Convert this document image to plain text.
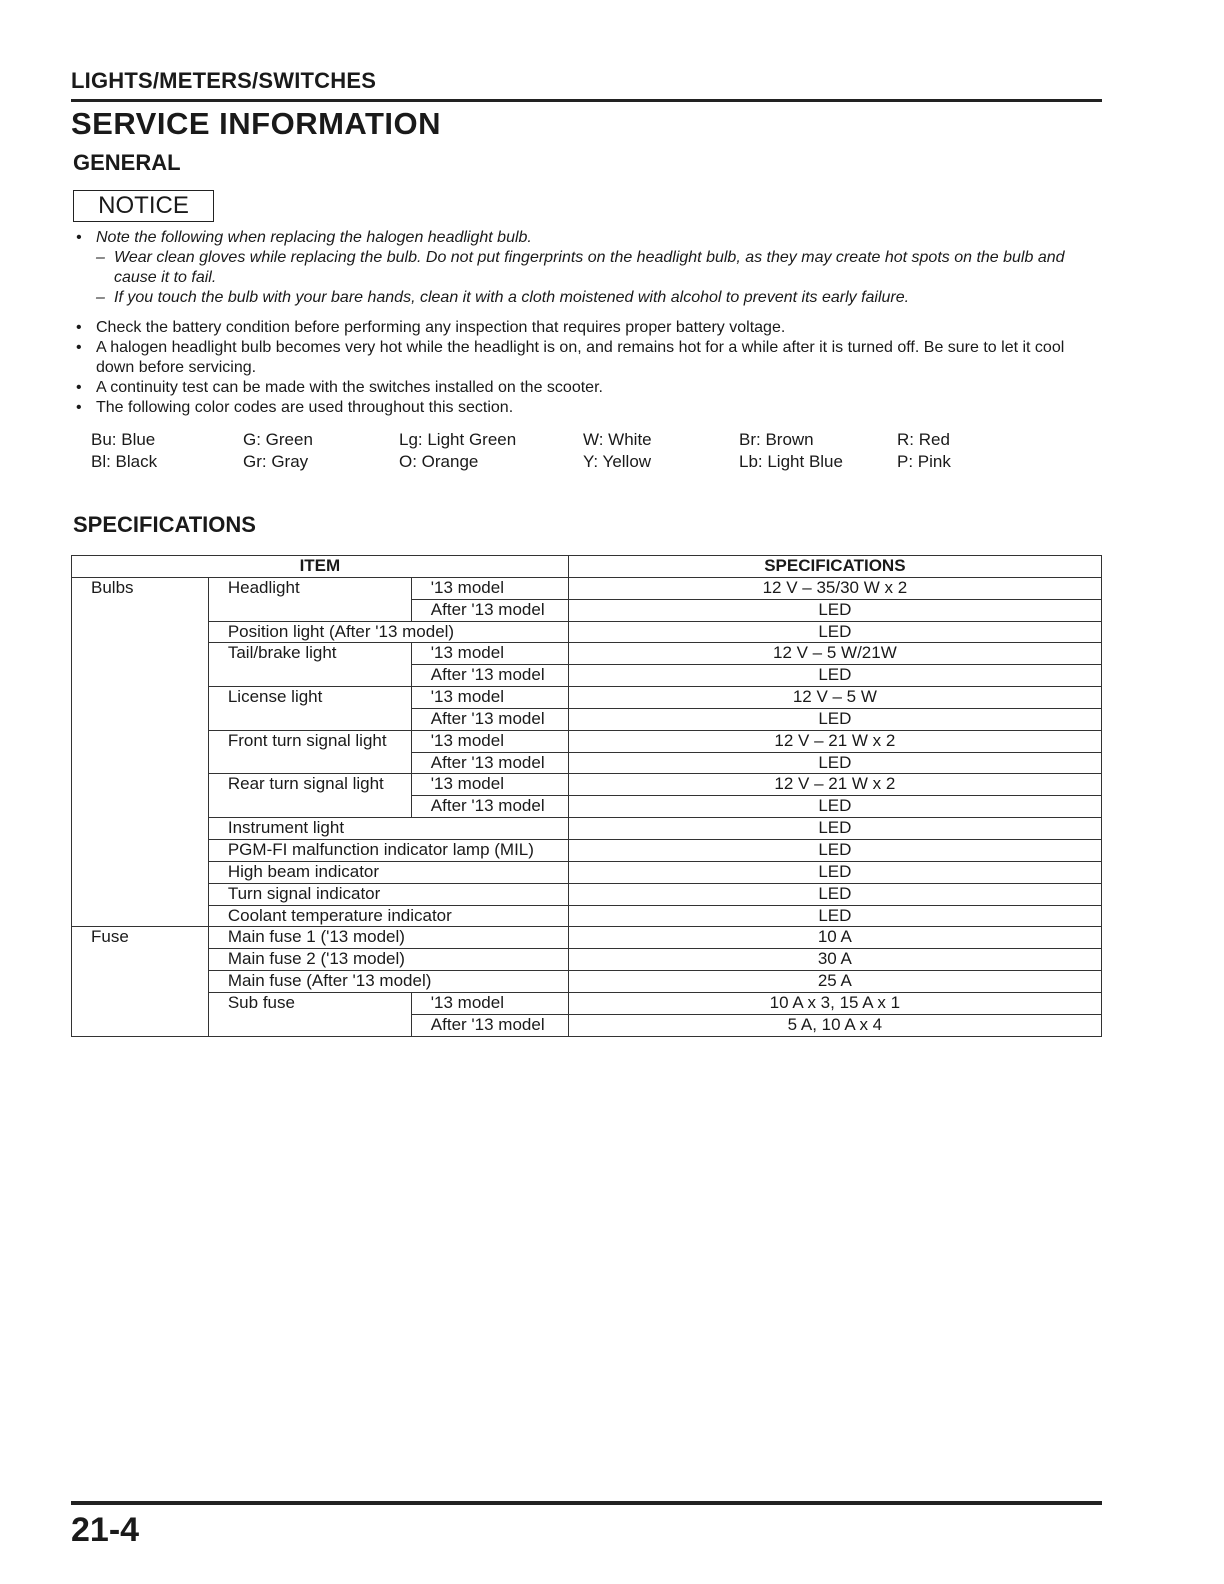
LIGHTS/METERS/SWITCHES
SERVICE INFORMATION
GENERAL
NOTICE
• Note the following when replacing the halogen headlight bulb.
– Wear clean gloves while replacing the bulb. Do not put fingerprints on the headlight bulb, as they may create hot spots on the bulb and cause it to fail.
– If you touch the bulb with your bare hands, clean it with a cloth moistened with alcohol to prevent its early failure.
• Check the battery condition before performing any inspection that requires proper battery voltage.
• A halogen headlight bulb becomes very hot while the headlight is on, and remains hot for a while after it is turned off. Be sure to let it cool down before servicing.
• A continuity test can be made with the switches installed on the scooter.
• The following color codes are used throughout this section.
Bu: Blue	G: Green	Lg: Light Green	W: White	Br: Brown	R: Red
Bl: Black	Gr: Gray	O: Orange	Y: Yellow	Lb: Light Blue	P: Pink
SPECIFICATIONS
ITEM			SPECIFICATIONS
Bulbs	Headlight	'13 model	12 V – 35/30 W x 2
		After '13 model	LED
	Position light (After '13 model)		LED
	Tail/brake light	'13 model	12 V – 5 W/21W
		After '13 model	LED
	License light	'13 model	12 V – 5 W
		After '13 model	LED
	Front turn signal light	'13 model	12 V – 21 W x 2
		After '13 model	LED
	Rear turn signal light	'13 model	12 V – 21 W x 2
		After '13 model	LED
	Instrument light		LED
	PGM-FI malfunction indicator lamp (MIL)		LED
	High beam indicator		LED
	Turn signal indicator		LED
	Coolant temperature indicator		LED
Fuse	Main fuse 1 ('13 model)		10 A
	Main fuse 2 ('13 model)		30 A
	Main fuse (After '13 model)		25 A
	Sub fuse	'13 model	10 A x 3, 15 A x 1
		After '13 model	5 A, 10 A x 4
21-4
